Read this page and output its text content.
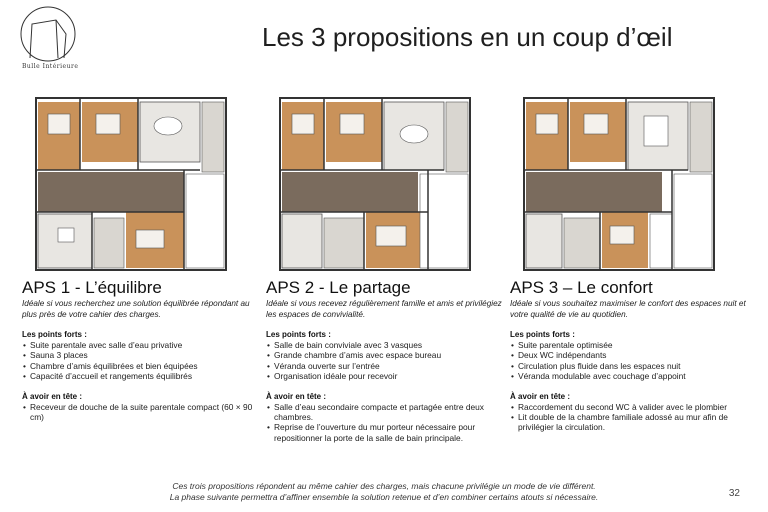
Bulle Intérieure
Les 3 propositions en un coup d’œil
APS 1 - L’équilibre
Idéale si vous recherchez une solution équilibrée répondant au plus près de votre cahier des charges.
Les points forts :
• Suite parentale avec salle d’eau privative
• Sauna 3 places
• Chambre d’amis équilibrées et bien équipées
• Capacité d’accueil et rangements équilibrés
À avoir en tête :
• Receveur de douche de la suite parentale compact (60 × 90 cm)
APS 2 - Le partage
Idéale si vous recevez régulièrement famille et amis et privilégiez les espaces de convivialité.
Les points forts :
• Salle de bain conviviale avec 3 vasques
• Grande chambre d’amis avec espace bureau
• Véranda ouverte sur l’entrée
• Organisation idéale pour recevoir
À avoir en tête :
• Salle d’eau secondaire compacte et partagée entre deux chambres.
• Reprise de l’ouverture du mur porteur nécessaire pour repositionner la porte de la salle de bain principale.
APS 3 – Le confort
Idéale si vous souhaitez maximiser le confort des espaces nuit et votre qualité de vie au quotidien.
Les points forts :
• Suite parentale optimisée
• Deux WC indépendants
• Circulation plus fluide dans les espaces nuit
• Véranda modulable avec couchage d’appoint
À avoir en tête :
• Raccordement du second WC à valider avec le plombier
• Lit double de la chambre familiale adossé au mur afin de privilégier la circulation.
Ces trois propositions répondent au même cahier des charges, mais chacune privilégie un mode de vie différent.
La phase suivante permettra d’affiner ensemble la solution retenue et d’en combiner certains atouts si nécessaire.	32
